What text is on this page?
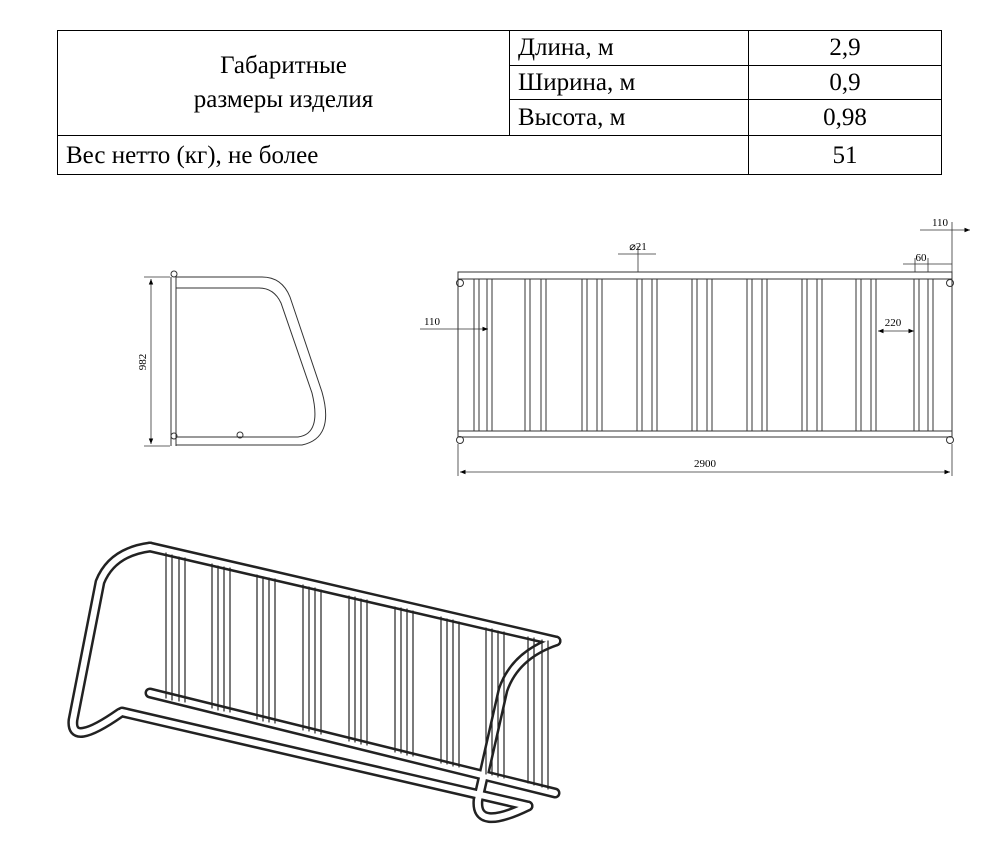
Габаритные
размеры изделия	Длина, м	2,9
	Ширина, м	0,9
	Высота, м	0,98
Вес нетто (кг), не более		51
982
⌀21
110	220
60
110
2900
